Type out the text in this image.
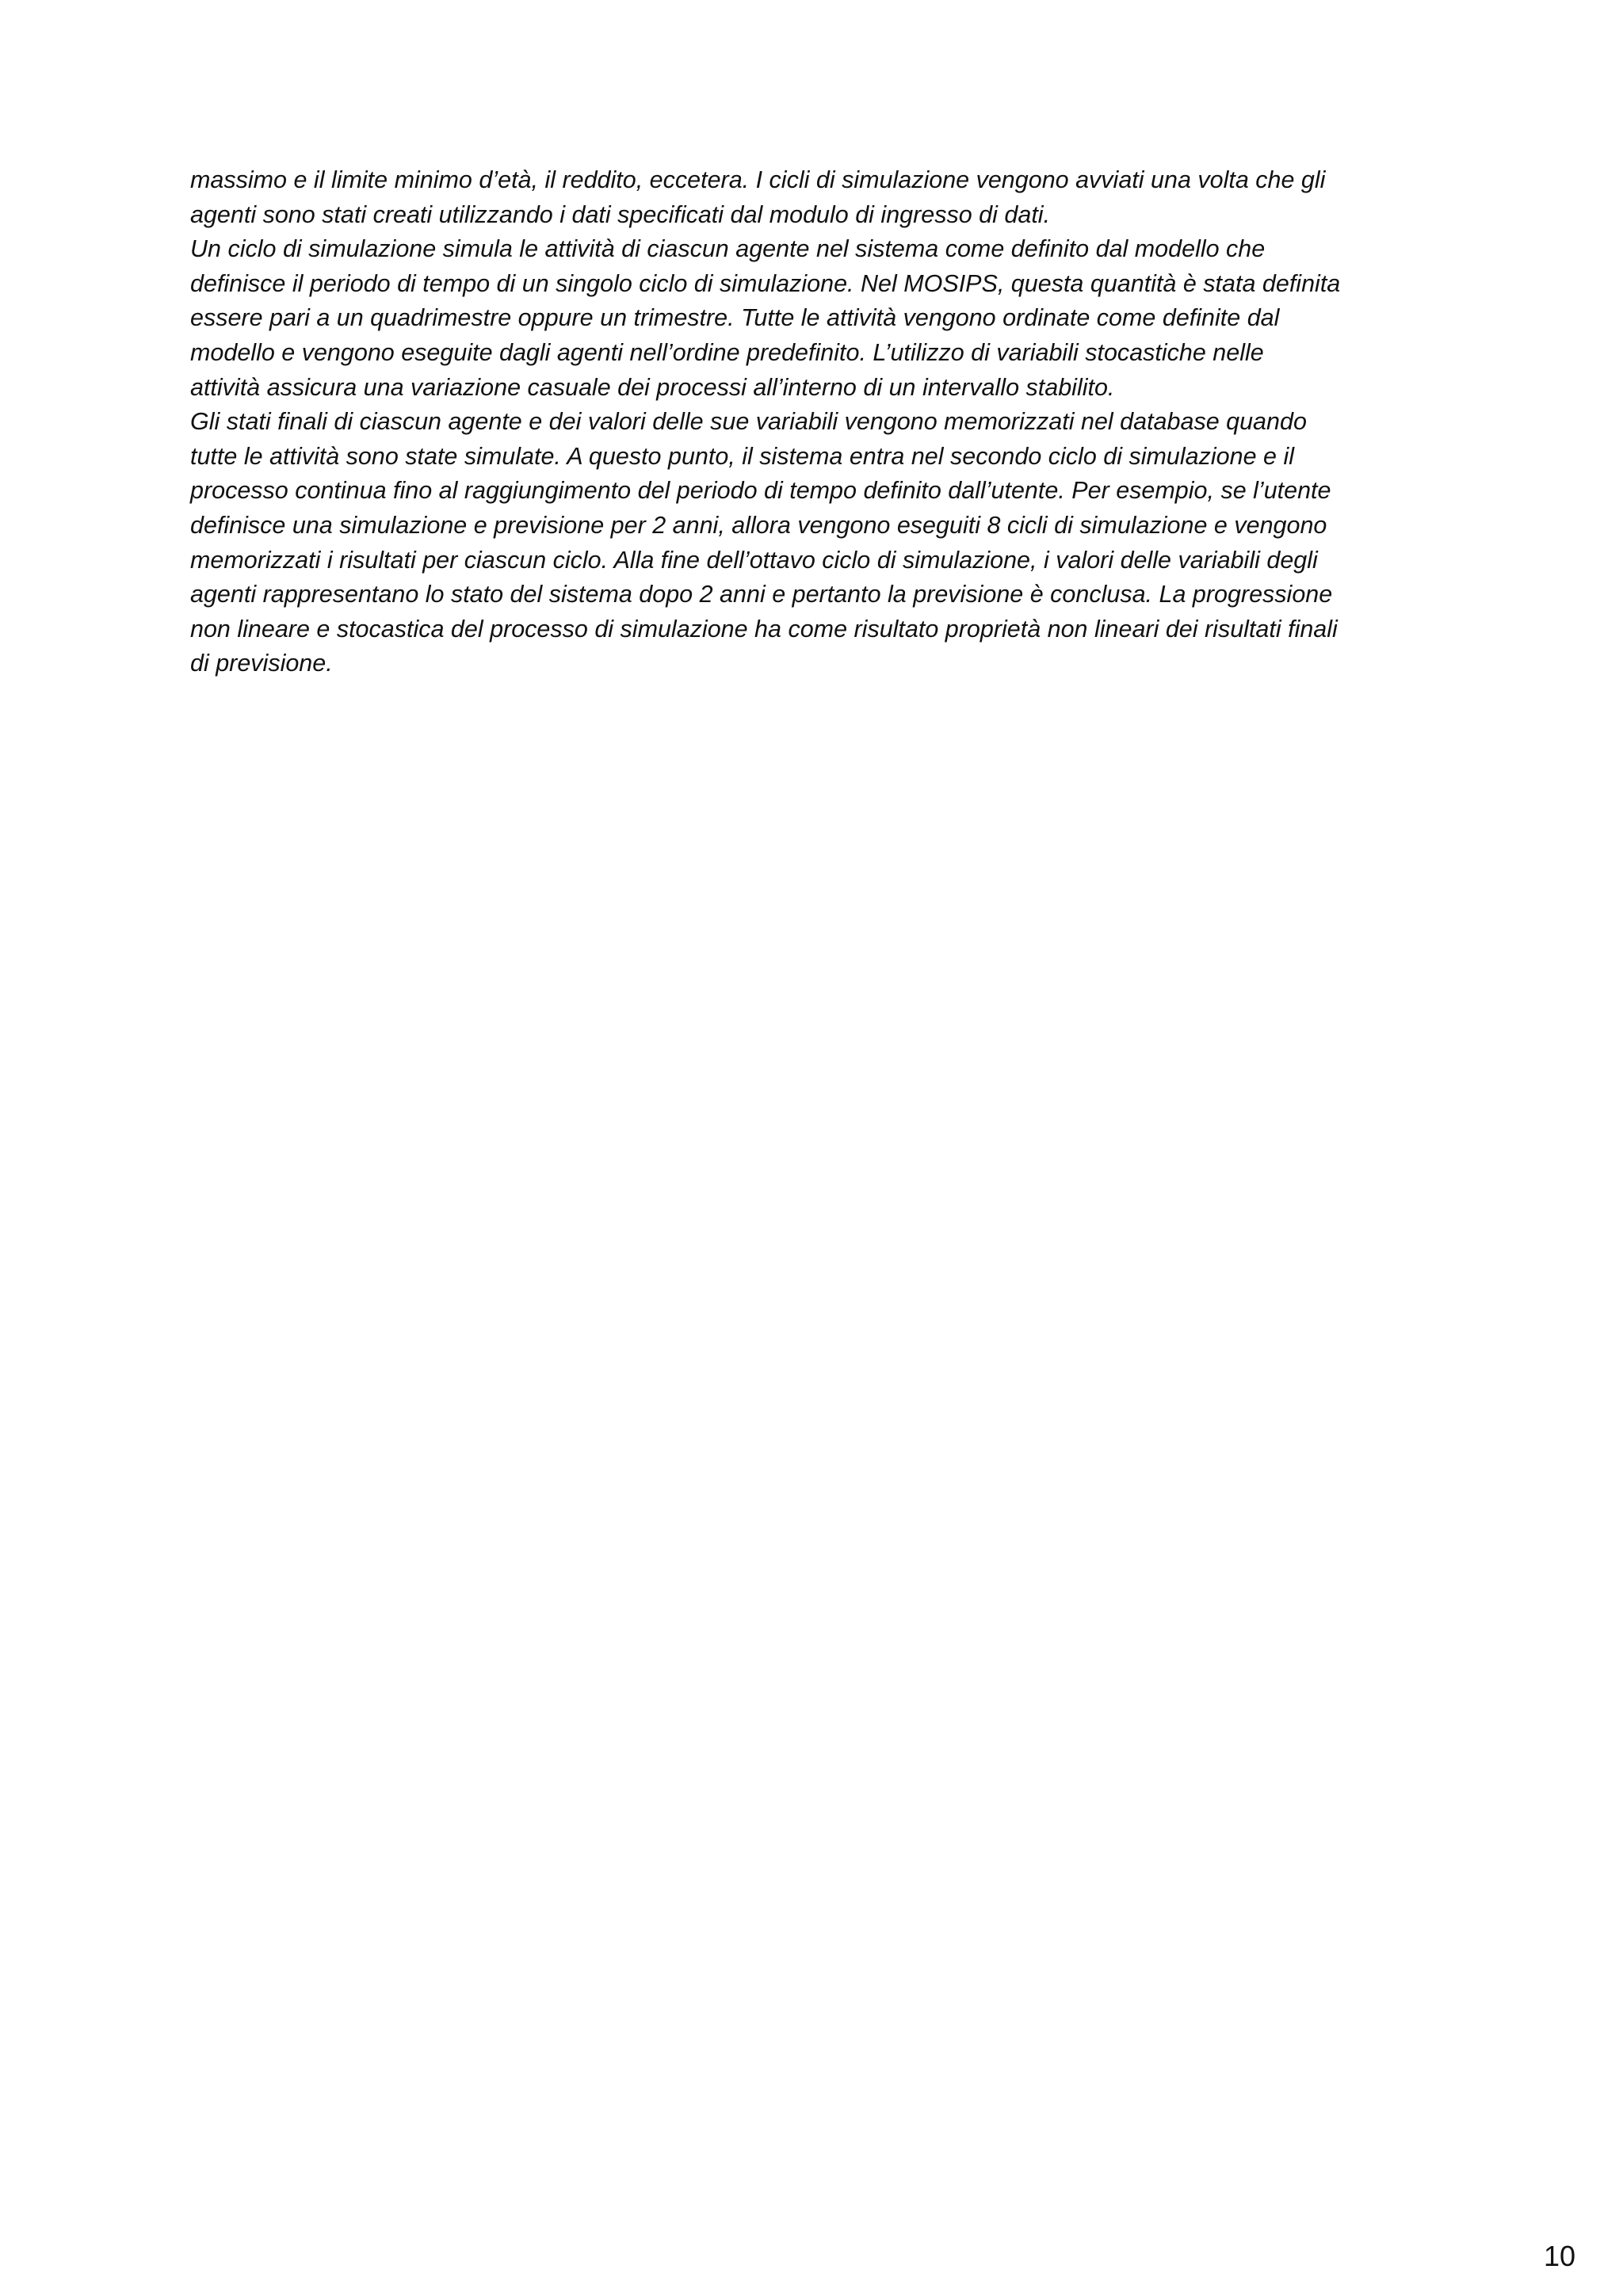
massimo e il limite minimo d’età, il reddito, eccetera. I cicli di simulazione vengono avviati una volta che gli
agenti sono stati creati utilizzando i dati specificati dal modulo di ingresso di dati.

Un ciclo di simulazione simula le attività di ciascun agente nel sistema come definito dal modello che
definisce il periodo di tempo di un singolo ciclo di simulazione. Nel MOSIPS, questa quantità è stata definita
essere pari a un quadrimestre oppure un trimestre. Tutte le attività vengono ordinate come definite dal
modello e vengono eseguite dagli agenti nell’ordine predefinito. L’utilizzo di variabili stocastiche nelle
attività assicura una variazione casuale dei processi all’interno di un intervallo stabilito.

Gli stati finali di ciascun agente e dei valori delle sue variabili vengono memorizzati nel database quando
tutte le attività sono state simulate. A questo punto, il sistema entra nel secondo ciclo di simulazione e il
processo continua fino al raggiungimento del periodo di tempo definito dall’utente. Per esempio, se l’utente
definisce una simulazione e previsione per 2 anni, allora vengono eseguiti 8 cicli di simulazione e vengono
memorizzati i risultati per ciascun ciclo. Alla fine dell’ottavo ciclo di simulazione, i valori delle variabili degli
agenti rappresentano lo stato del sistema dopo 2 anni e pertanto la previsione è conclusa. La progressione
non lineare e stocastica del processo di simulazione ha come risultato proprietà non lineari dei risultati finali
di previsione.

10
